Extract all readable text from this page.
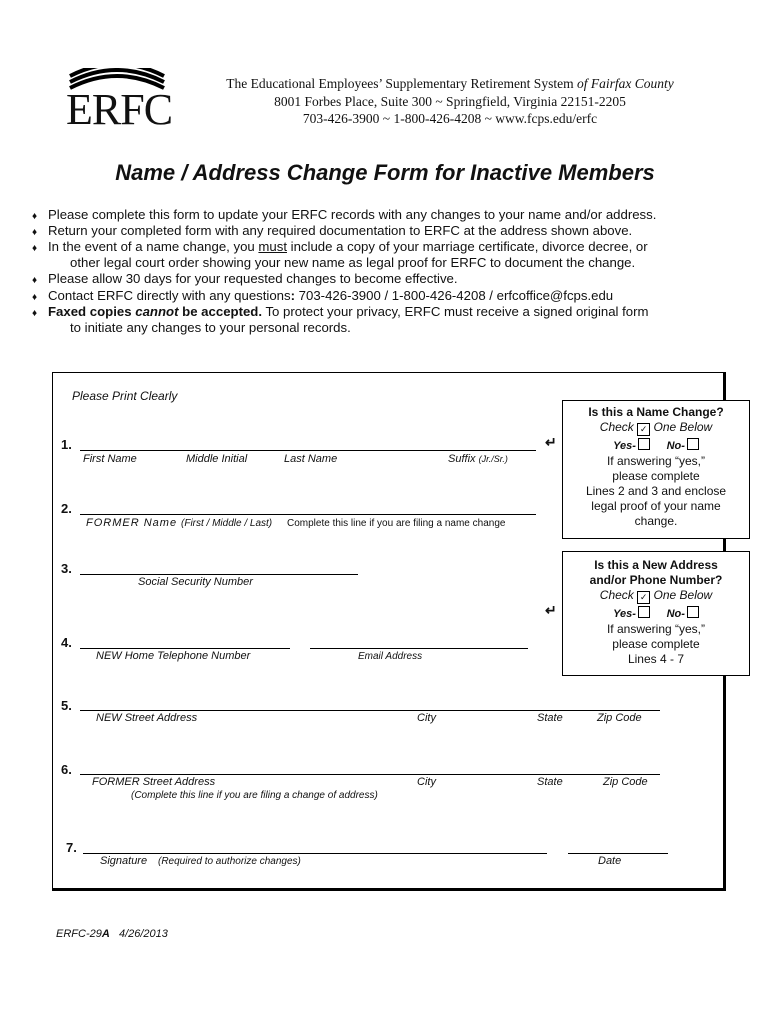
ERFC
The Educational Employees’ Supplementary Retirement System of Fairfax County
8001 Forbes Place, Suite 300 ~ Springfield, Virginia 22151-2205
703-426-3900 ~ 1-800-426-4208 ~ www.fcps.edu/erfc
Name / Address Change Form for Inactive Members
♦ Please complete this form to update your ERFC records with any changes to your name and/or address.
♦ Return your completed form with any required documentation to ERFC at the address shown above.
♦ In the event of a name change, you must include a copy of your marriage certificate, divorce decree, or
other legal court order showing your new name as legal proof for ERFC to document the change.
♦ Please allow 30 days for your requested changes to become effective.
♦ Contact ERFC directly with any questions: 703-426-3900 / 1-800-426-4208 / erfcoffice@fcps.edu
♦ Faxed copies cannot be accepted. To protect your privacy, ERFC must receive a signed original form
to initiate any changes to your personal records.
Please Print Clearly
1.	↵
First Name	Middle Initial	Last Name	Suffix (Jr./Sr.)
2.
FORMER Name (First / Middle / Last) Complete this line if you are filing a name change
3.
Social Security Number
↵
4.
NEW Home Telephone Number	Email Address
5.
NEW Street Address	City	State	Zip Code
6.
FORMER Street Address	City	State	Zip Code
(Complete this line if you are filing a change of address)
7.
Signature (Required to authorize changes)	Date
Is this a Name Change?
Check ✓ One Below
Yes-	No-
If answering “yes,”
please complete
Lines 2 and 3 and enclose
legal proof of your name
change.
Is this a New Address
and/or Phone Number?
Check ✓ One Below
Yes-	No-
If answering “yes,”
please complete
Lines 4 - 7
ERFC-29A 4/26/2013
